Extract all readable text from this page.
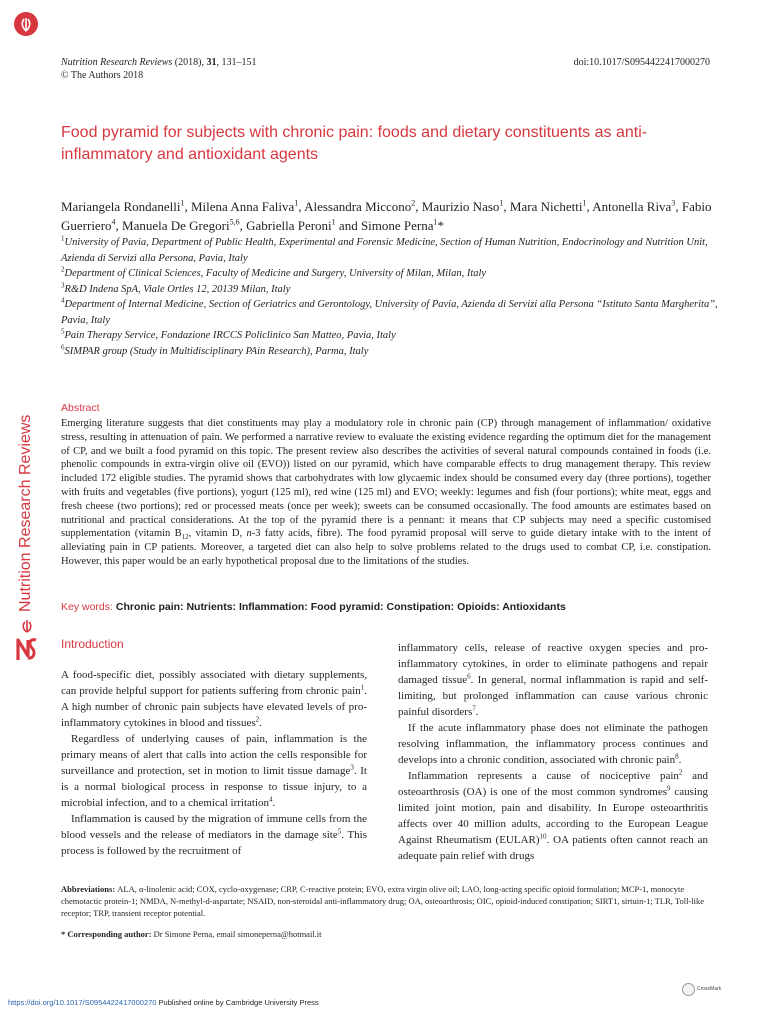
Nutrition Research Reviews (2018), 31, 131–151
© The Authors 2018
doi:10.1017/S0954422417000270
Food pyramid for subjects with chronic pain: foods and dietary constituents as anti-inflammatory and antioxidant agents
Mariangela Rondanelli$^1$, Milena Anna Faliva$^1$, Alessandra Miccono$^2$, Maurizio Naso$^1$, Mara Nichetti$^1$, Antonella Riva$^3$, Fabio Guerriero$^4$, Manuela De Gregori$^{5,6}$, Gabriella Peroni$^1$ and Simone Perna$^1$*
$^1$University of Pavia, Department of Public Health, Experimental and Forensic Medicine, Section of Human Nutrition, Endocrinology and Nutrition Unit, Azienda di Servizi alla Persona, Pavia, Italy
$^2$Department of Clinical Sciences, Faculty of Medicine and Surgery, University of Milan, Milan, Italy
$^3$R&D Indena SpA, Viale Ortles 12, 20139 Milan, Italy
$^4$Department of Internal Medicine, Section of Geriatrics and Gerontology, University of Pavia, Azienda di Servizi alla Persona “Istituto Santa Margherita”, Pavia, Italy
$^5$Pain Therapy Service, Fondazione IRCCS Policlinico San Matteo, Pavia, Italy
$^6$SIMPAR group (Study in Multidisciplinary PAin Research), Parma, Italy
Nutrition Research Reviews
Abstract
Emerging literature suggests that diet constituents may play a modulatory role in chronic pain (CP) through management of inflammation/ oxidative stress, resulting in attenuation of pain. We performed a narrative review to evaluate the existing evidence regarding the optimum diet for the management of CP, and we built a food pyramid on this topic. The present review also describes the activities of several natural compounds contained in foods (i.e. phenolic compounds in extra-virgin olive oil (EVO)) listed on our pyramid, which have comparable effects to drug management therapy. This review included 172 eligible studies. The pyramid shows that carbohydrates with low glycaemic index should be consumed every day (three portions), together with fruits and vegetables (five portions), yogurt (125 ml), red wine (125 ml) and EVO; weekly: legumes and fish (four portions); white meat, eggs and fresh cheese (two portions); red or processed meats (once per week); sweets can be consumed occasionally. The food amounts are estimates based on nutritional and practical considerations. At the top of the pyramid there is a pennant: it means that CP subjects may need a specific customised supplementation (vitamin $B_{12}$, vitamin D, n-3 fatty acids, fibre). The food pyramid proposal will serve to guide dietary intake with to the intent of alleviating pain in CP patients. Moreover, a targeted diet can also help to solve problems related to the drugs used to combat CP, i.e. constipation. However, this paper would be an early hypothetical proposal due to the limitations of the studies.
Key words: Chronic pain: Nutrients: Inflammation: Food pyramid: Constipation: Opioids: Antioxidants
Introduction

A food-specific diet, possibly associated with dietary supplements, can provide helpful support for patients suffering from chronic pain$^1$. A high number of chronic pain subjects have elevated levels of pro-inflammatory cytokines in blood and tissues$^2$.

Regardless of underlying causes of pain, inflammation is the primary means of alert that calls into action the cells responsible for surveillance and protection, set in motion to limit tissue damage$^3$. It is a normal biological process in response to tissue injury, to a microbial infection, and to a chemical irritation$^4$.

Inflammation is caused by the migration of immune cells from the blood vessels and the release of mediators in the damage site$^5$. This process is followed by the recruitment of

inflammatory cells, release of reactive oxygen species and pro-inflammatory cytokines, in order to eliminate pathogens and repair damaged tissue$^6$. In general, normal inflammation is rapid and self-limiting, but prolonged inflammation can cause various chronic painful disorders$^7$.

If the acute inflammatory phase does not eliminate the pathogen resolving inflammation, the inflammatory process continues and develops into a chronic condition, associated with chronic pain$^8$.

Inflammation represents a cause of nociceptive pain$^2$ and osteoarthrosis (OA) is one of the most common syndromes$^9$ causing limited joint motion, pain and disability. In Europe osteoarthritis affects over 40 million adults, according to the European League Against Rheumatism (EULAR)$^{10}$. OA patients often cannot reach an adequate pain relief with drugs

Abbreviations: ALA, α-linolenic acid; COX, cyclo-oxygenase; CRP, C-reactive protein; EVO, extra virgin olive oil; LAO, long-acting specific opioid formulation; MCP-1, monocyte chemotactic protein-1; NMDA, N-methyl-d-aspartate; NSAID, non-steroidal anti-inflammatory drug; OA, osteoarthrosis; OIC, opioid-induced constipation; SIRT1, sirtuin-1; TLR, Toll-like receptor; TRP, transient receptor potential.
* Corresponding author: Dr Simone Perna, email simoneperna@hotmail.it
https://doi.org/10.1017/S0954422417000270 Published online by Cambridge University Press
CrossMark
